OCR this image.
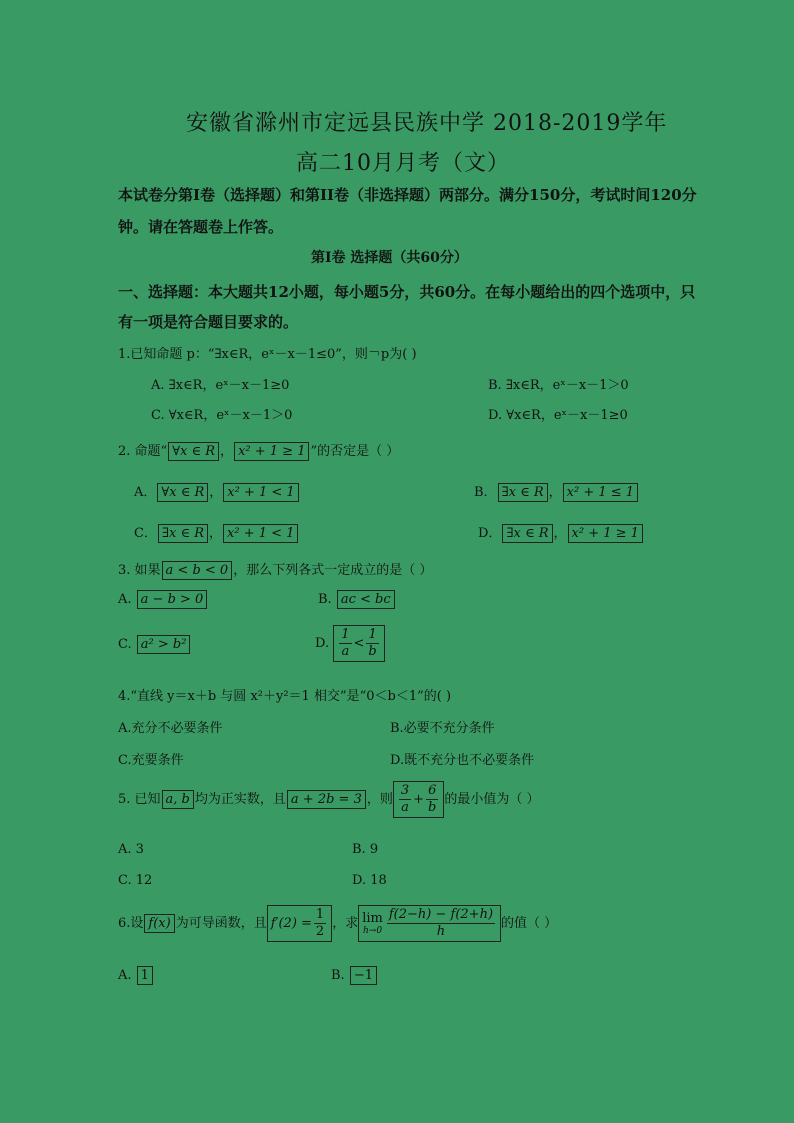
安徽省滁州市定远县民族中学 2018-2019学年
高二10月月考（文）
本试卷分第I卷（选择题）和第II卷（非选择题）两部分。满分150分，考试时间120分
钟。请在答题卷上作答。
第I卷 选择题（共60分）
一、选择题：本大题共12小题，每小题5分，共60分。在每小题给出的四个选项中，只
有一项是符合题目要求的。
1.已知命题 p：“∃x∈R，eˣ－x－1≤0”，则￢p为( )
A. ∃x∈R，eˣ－x－1≥0	B. ∃x∈R，eˣ－x－1＞0
C. ∀x∈R，eˣ－x－1＞0	D. ∀x∈R，eˣ－x－1≥0
2. 命题“ ∀x ∈ R ， x² + 1 ≥ 1 ”的否定是（ ）
A． ∀x ∈ R ， x² + 1 < 1	B． ∃x ∈ R ， x² + 1 ≤ 1
C． ∃x ∈ R ， x² + 1 < 1	D． ∃x ∈ R ， x² + 1 ≥ 1
3. 如果 a < b < 0 ，那么下列各式一定成立的是（ ）
A. a − b > 0	B. ac < bc
C. a² > b²	D. $\frac{1}{a} < \frac{1}{b}$
4.“直线 y＝x＋b 与圆 x²＋y²＝1 相交”是“0＜b＜1”的( )
A.充分不必要条件	B.必要不充分条件
C.充要条件	D.既不充分也不必要条件
5. 已知 a, b 均为正实数，且 a + 2b = 3 ，则 $\frac{3}{a} + \frac{6}{b}$ 的最小值为（ ）
A. 3	B. 9
C. 12	D. 18
6.设 f(x) 为可导函数，且 $f'(2) = \frac{1}{2}$ ，求 lim
$h\to 0 \frac{f(2-h) - f(2+h)}{h}$ 的值（ ）
A. 1	B. −1
